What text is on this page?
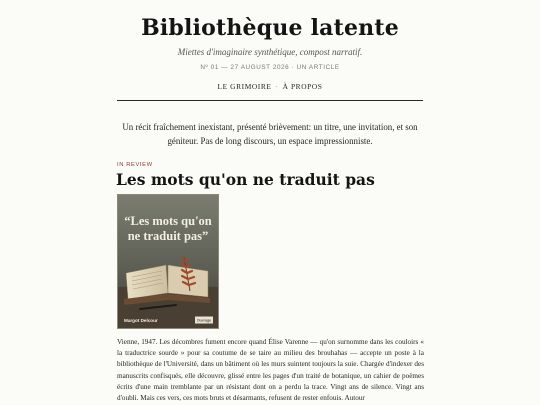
Bibliothèque latente
Miettes d'imaginaire synthétique, compost narratif.
Nº 01 — 27 AUGUST 2026 · UN ARTICLE
LE GRIMOIRE · À PROPOS

Un récit fraîchement inexistant, présenté brièvement: un titre, une invitation, et son géniteur. Pas de long discours, un espace impressionniste.

IN REVIEW
Les mots qu'on ne traduit pas
“Les mots qu'on
ne traduit pas”
Margot Delcour	Ouvrage

Vienne, 1947. Les décombres fument encore quand Élise Varenne — qu'on surnomme dans les couloirs « la traductrice sourde » pour sa coutume de se taire au milieu des brouhahas — accepte un poste à la bibliothèque de l'Université, dans un bâtiment où les murs suintent toujours la suie. Chargée d'indexer des manuscrits confisqués, elle découvre, glissé entre les pages d'un traité de botanique, un cahier de poèmes écrits d'une main tremblante par un résistant dont on a perdu la trace. Vingt ans de silence. Vingt ans d'oubli. Mais ces vers, ces mots bruts et désarmants, refusent de rester enfouis. Autour
